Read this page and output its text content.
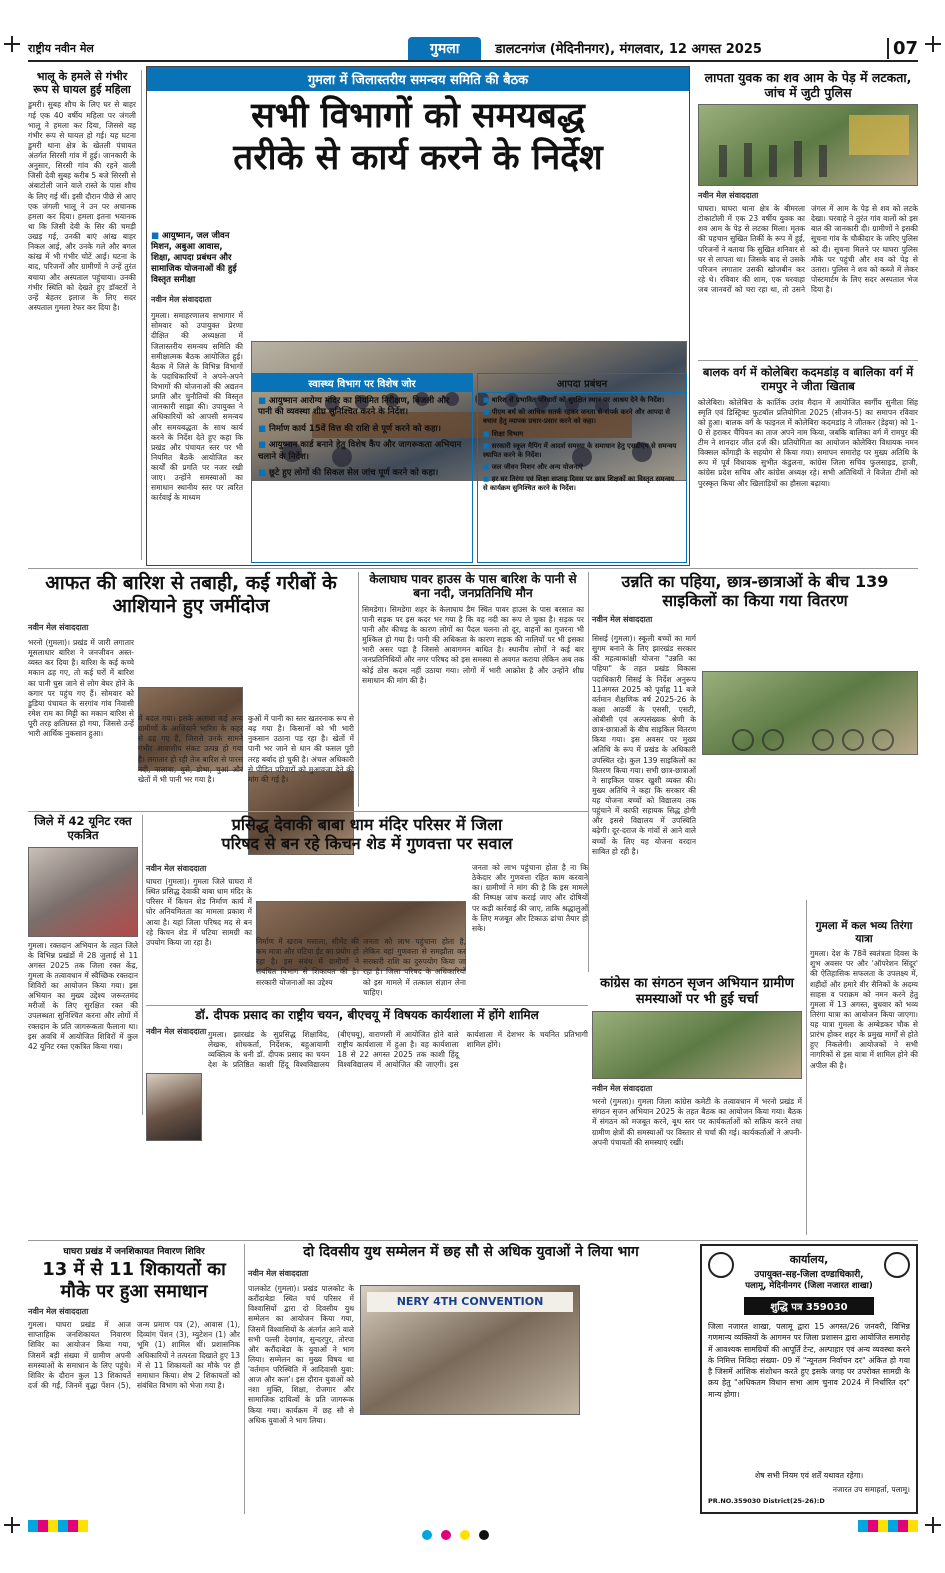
राष्ट्रीय नवीन मेल	गुमला	डालटनगंज (मेदिनीनगर), मंगलवार, 12 अगस्त 2025	07
भालू के हमले से गंभीर रूप से घायल हुई महिला
डुमरी। सुबह शौच के लिए घर से बाहर गई एक 40 वर्षीय महिला पर जंगली भालू ने हमला कर दिया, जिससे वह गंभीर रूप से घायल हो गई। यह घटना डुमरी थाना क्षेत्र के खेतली पंचायत अंतर्गत सिरसी गांव में हुई। जानकारी के अनुसार, सिरसी गांव की रहने वाली जिसी देवी सुबह करीब 5 बजे सिरसी से अंबाटोली जाने वाले रास्ते के पास शौच के लिए गई थीं। इसी दौरान पीछे से आए एक जंगली भालू ने उन पर अचानक हमला कर दिया। हमला इतना भयानक था कि जिसी देवी के सिर की चमड़ी उखड़ गई, उनकी बाएं आंख बाहर निकल आई, और उनके गले और बगल कांख में भी गंभीर चोटें आईं। घटना के बाद, परिजनों और ग्रामीणों ने उन्हें तुरंत बचाया और अस्पताल पहुंचाया। उनकी गंभीर स्थिति को देखते हुए डॉक्टरों ने उन्हें बेहतर इलाज के लिए सदर अस्पताल गुमला रेफर कर दिया है।
गुमला में जिलास्तरीय समन्वय समिति की बैठक
सभी विभागों को समयबद्ध
तरीके से कार्य करने के निर्देश
■ आयुष्मान, जल जीवन मिशन, अबुआ आवास, शिक्षा, आपदा प्रबंधन और सामाजिक योजनाओं की हुई विस्तृत समीक्षा
नवीन मेल संवाददाता
गुमला। समाहरणालय सभागार में सोमवार को उपायुक्त प्रेरणा दीक्षित की अध्यक्षता में जिलास्तरीय समन्वय समिति की समीक्षात्मक बैठक आयोजित हुई। बैठक में जिले के विभिन्न विभागों के पदाधिकारियों ने अपने-अपने विभागों की योजनाओं की अद्यतन प्रगति और चुनौतियों की विस्तृत जानकारी साझा की। उपायुक्त ने अधिकारियों को आपसी समन्वय और समयबद्धता के साथ कार्य करने के निर्देश देते हुए कहा कि प्रखंड और पंचायत स्तर पर भी नियमित बैठकें आयोजित कर कार्यों की प्रगति पर नजर रखी जाए। उन्होंने समस्याओं का समाधान स्थानीय स्तर पर त्वरित कार्रवाई के माध्यम
स्वास्थ्य विभाग पर विशेष जोर
■ आयुष्मान आरोग्य मंदिर का नियमित निरीक्षण, बिजली और पानी की व्यवस्था शीघ्र सुनिश्चित करने के निर्देश।
■ निर्माण कार्य 15वें वित्त की राशि से पूर्ण करने को कहा।
■ आयुष्मान कार्ड बनाने हेतु विशेष कैंप और जागरूकता अभियान चलाने के निर्देश।
■ छूटे हुए लोगों की सिकल सेल जांच पूर्ण करने को कहा।
आपदा प्रबंधन
■ बारिश से प्रभावित परिवारों को सुरक्षित स्थान पर आश्रय देने के निर्देश।
■ पीएम बर्थ को आधिक सतर्क रहकर जनता से संपर्क करने और आपदा से बचाव हेतु व्यापक प्रचार-प्रसार करने को कहा।
■ शिक्षा विभाग
■ सरकारी स्कूल मैपिंग में आदर्श समस्या के समाधान हेतु एसडीएम से समन्वय स्थापित करने के निर्देश।
■ जल जीवन मिशन और अन्य योजनाएं
■ हर घर तिरंगा एवं शिक्षा सप्ताह दिवस पर छात्र शिक्षकों का विस्तृत समन्वय से कार्यक्रम सुनिश्चित करने के निर्देश।
लापता युवक का शव आम के पेड़ में लटकता, जांच में जुटी पुलिस
नवीन मेल संवाददाता
घाघरा। घाघरा थाना क्षेत्र के बीमरला टोकाटोली में एक 23 वर्षीय युवक का शव आम के पेड़ से लटका मिला। मृतक की पहचान सुखित तिर्की के रूप में हुई, परिजनों ने बताया कि सुखित शनिवार से घर से लापता था। जिसके बाद से उसके परिजन लगातार उसकी खोजबीन कर रहे थे। रविवार की शाम, एक चरवाहा जब जानवरों को चरा रहा था, तो उसने जंगल में आम के पेड़ से शव को लटके देखा। चरवाहे ने तुरंत गांव वालों को इस बात की जानकारी दी। ग्रामीणों ने इसकी सूचना गांव के चौकीदार के जरिए पुलिस को दी। सूचना मिलने पर घाघरा पुलिस मौके पर पहुंची और शव को पेड़ से उतारा। पुलिस ने शव को कब्जे में लेकर पोस्टमार्टम के लिए सदर अस्पताल भेज दिया है।
बालक वर्ग में कोलेबिरा कदमडांड़ व बालिका वर्ग में रामपुर ने जीता खिताब
कोलेबिरा। कोलेबिरा के कार्तिक उरांव मैदान में आयोजित स्वर्गीय सुनीता सिंह स्मृति एवं डिस्ट्रिक्ट फुटबॉल प्रतियोगिता 2025 (सीजन-5) का समापन रविवार को हुआ। बालक वर्ग के फाइनल में कोलेबिरा कदमडांड़ ने जीतकर (डेइया) को 1-0 से हराकर चैंपियन का ताज अपने नाम किया, जबकि बालिका वर्ग में रामपुर की टीम ने शानदार जीत दर्ज की। प्रतियोगिता का आयोजन कोलेबिरा विधायक नमन विक्सल कोंगाड़ी के सहयोग से किया गया। समापन समारोह पर मुख्य अतिथि के रूप में पूर्व विधायक सुभीत कंडुलना, कांग्रेस जिला सचिव फुलसाइड, हाजी, कांग्रेस प्रदेश सचिव और कांग्रेस अध्यक्ष रहे। सभी अतिथियों ने विजेता टीमों को पुरस्कृत किया और खिलाड़ियों का हौसला बढ़ाया।
आफत की बारिश से तबाही, कई गरीबों के आशियाने हुए जमींदोज
नवीन मेल संवाददाता
भरनो (गुमला)। प्रखंड में जारी लगातार मूसलाधार बारिश ने जनजीवन अस्त-व्यस्त कर दिया है। बारिश के कई कच्चे मकान ढह गए, तो कई घरों में बारिश का पानी घुस जाने से लोग बेघर होने के कगार पर पहुंच गए हैं। सोमवार को डुडिया पंचायत के सरगांव गांव निवासी रमेश राम का मिट्टी का मकान बारिश से पूरी तरह क्षतिग्रस्त हो गया, जिससे उन्हें भारी आर्थिक नुकसान हुआ।
में बदल गया। इसके अलावा कई अन्य ग्रामीणों के आशियाने भारिश के कहर से ढह गए हैं, जिससे उनके सामने गंभीर आवासीय संकट उत्पन्न हो गया है। लगातार हो रही तेज बारिश से पारस नदी, नालाबा, धुसे, डोभा, चुआं और खेतों में भी पानी भर गया है।
कुओं में पानी का स्तर खतरनाक रूप से बढ़ गया है। किसानों को भी भारी नुकसान उठाना पड़ रहा है। खेतों में पानी भर जाने से धान की फसल पूरी तरह बर्बाद हो चुकी है। अंचल अधिकारी से पीड़ित परिवारों को मुआवजा देने की मांग की गई है।
केलाघाघ पावर हाउस के पास बारिश के पानी से बना नदी, जनप्रतिनिधि मौन
सिमडेगा। सिमडेगा शहर के केलाघाघ डैम स्थित पावर हाउस के पास बरसात का पानी सड़क पर इस कदर भर गया है कि वह नदी का रूप ले चुका है। सड़क पर पानी और कीचड़ के कारण लोगों का पैदल चलना तो दूर, वाहनों का गुजरना भी मुश्किल हो गया है। पानी की अधिकता के कारण सड़क की नालियों पर भी इसका भारी असर पड़ा है जिससे आवागमन बाधित है। स्थानीय लोगों ने कई बार जनप्रतिनिधियों और नगर परिषद को इस समस्या से अवगत कराया लेकिन अब तक कोई ठोस कदम नहीं उठाया गया। लोगों में भारी आक्रोश है और उन्होंने शीघ्र समाधान की मांग की है।
उन्नति का पहिया, छात्र-छात्राओं के बीच 139 साइकिलों का किया गया वितरण
नवीन मेल संवाददाता
सिसई (गुमला)। स्कूली बच्चों का मार्ग सुगम बनाने के लिए झारखंड सरकार की महत्वाकांक्षी योजना "उन्नति का पहिया" के तहत प्रखंड विकास पदाधिकारी सिसई के निर्देश अनुरूप 11अगस्त 2025 को पूर्वाह्न 11 बजे वर्तमान शैक्षणिक वर्ष 2025-26 के कक्षा आठवीं के एससी, एसटी, ओबीसी एवं अल्पसंख्यक श्रेणी के छात्र-छात्राओं के बीच साइकिल वितरण किया गया। इस अवसर पर मुख्य अतिथि के रूप में प्रखंड के अधिकारी उपस्थित रहे। कुल 139 साइकिलों का वितरण किया गया। सभी छात्र-छात्राओं ने साइकिल पाकर खुशी व्यक्त की। मुख्य अतिथि ने कहा कि सरकार की यह योजना बच्चों को विद्यालय तक पहुंचाने में काफी सहायक सिद्ध होगी और इससे विद्यालय में उपस्थिति बढ़ेगी। दूर-दराज के गांवों से आने वाले बच्चों के लिए यह योजना वरदान साबित हो रही है।
जिले में 42 यूनिट रक्त एकत्रित
गुमला। रक्तदान अभियान के तहत जिले के विभिन्न प्रखंडों में 28 जुलाई से 11 अगस्त 2025 तक जिला रक्त केंद्र, गुमला के तत्वावधान में स्वैच्छिक रक्तदान शिविरों का आयोजन किया गया। इस अभियान का मुख्य उद्देश्य जरूरतमंद मरीजों के लिए सुरक्षित रक्त की उपलब्धता सुनिश्चित करना और लोगों में रक्तदान के प्रति जागरूकता फैलाना था। इस अवधि में आयोजित शिविरों में कुल 42 यूनिट रक्त एकत्रित किया गया।
प्रसिद्ध देवाकी बाबा धाम मंदिर परिसर में जिला
परिषद से बन रहे किचन शेड में गुणवत्ता पर सवाल
नवीन मेल संवाददाता
घाघरा (गुमला)। गुमला जिले घाघरा में स्थित प्रसिद्ध देवाकी बाबा धाम मंदिर के परिसर में किचन शेड निर्माण कार्य में घोर अनियमितता का मामला प्रकाश में आया है। यहां जिला परिषद मद से बन रहे किचन शेड में घटिया सामग्री का उपयोग किया जा रहा है।	निर्माण में खराब मसाला, सीमेंट की कम मात्रा और घटिया ईंट का प्रयोग हो रहा है। इस संबंध में ग्रामीणों ने संबंधित विभाग से शिकायत की है। सरकारी योजनाओं का उद्देश्य
जनता को लाभ पहुंचाना होता है, लेकिन यहां गुणवत्ता से समझौता कर सरकारी राशि का दुरुपयोग किया जा रहा है। जिला परिषद के अधिकारियों को इस मामले में तत्काल संज्ञान लेना चाहिए।
जनता को लाभ पहुंचाना होता है ना कि ठेकेदार और गुणवत्ता रहित काम करवाने का। ग्रामीणों ने मांग की है कि इस मामले की निष्पक्ष जांच कराई जाए और दोषियों पर कड़ी कार्रवाई की जाए, ताकि श्रद्धालुओं के लिए मजबूत और टिकाऊ ढांचा तैयार हो सके।
कांग्रेस का संगठन सृजन अभियान ग्रामीण समस्याओं पर भी हुई चर्चा
नवीन मेल संवाददाता
भरनो (गुमला)। गुमला जिला कांग्रेस कमेटी के तत्वावधान में भरनो प्रखंड में संगठन सृजन अभियान 2025 के तहत बैठक का आयोजन किया गया। बैठक में संगठन को मजबूत करने, बूथ स्तर पर कार्यकर्ताओं को सक्रिय करने तथा ग्रामीण क्षेत्रों की समस्याओं पर विस्तार से चर्चा की गई। कार्यकर्ताओं ने अपनी-अपनी पंचायतों की समस्याएं रखीं।
गुमला में कल भव्य तिरंगा यात्रा
गुमला। देश के 78वें स्वतंत्रता दिवस के शुभ अवसर पर और 'ऑपरेशन सिंदूर' की ऐतिहासिक सफलता के उपलक्ष्य में, शहीदों और हमारे वीर सैनिकों के अदम्य साहस व पराक्रम को नमन करने हेतु गुमला में 13 अगस्त, बुधवार को भव्य तिरंगा यात्रा का आयोजन किया जाएगा। यह यात्रा गुमला के अम्बेडकर चौक से प्रारंभ होकर शहर के प्रमुख मार्गों से होते हुए निकलेगी। आयोजकों ने सभी नागरिकों से इस यात्रा में शामिल होने की अपील की है।
डॉ. दीपक प्रसाद का राष्ट्रीय चयन, बीएचयू में विषयक कार्यशाला में होंगे शामिल
नवीन मेल संवाददाता गुमला। झारखंड के सुप्रसिद्ध शिक्षाविद, लेखक, शोधकर्ता, निर्देशक, बहुआयामी व्यक्तित्व के धनी डॉ. दीपक प्रसाद का चयन देश के प्रतिष्ठित काशी हिंदू विश्वविद्यालय (बीएचयू), वाराणसी में आयोजित होने वाले राष्ट्रीय कार्यशाला में हुआ है। वह कार्यशाला 18 से 22 अगस्त 2025 तक काशी हिंदू विश्वविद्यालय में आयोजित की जाएगी। इस कार्यशाला में देशभर के चयनित प्रतिभागी शामिल होंगे।
घाघरा प्रखंड में जनशिकायत निवारण शिविर
13 में से 11 शिकायतों का मौके पर हुआ समाधान
नवीन मेल संवाददाता
गुमला। घाघरा प्रखंड में आज साप्ताहिक जनशिकायत निवारण शिविर का आयोजन किया गया, जिसमें बड़ी संख्या में ग्रामीण अपनी समस्याओं के समाधान के लिए पहुंचे। शिविर के दौरान कुल 13 शिकायतें दर्ज की गईं, जिनमें वृद्धा पेंशन (5), जन्म प्रमाण पत्र (2), आवास (1), दिव्यांग पेंशन (3), म्युटेशन (1) और भूमि (1) शामिल थीं। प्रशासनिक अधिकारियों ने तत्परता दिखाते हुए 13 में से 11 शिकायतों का मौके पर ही समाधान किया। शेष 2 शिकायतों को संबंधित विभाग को भेजा गया है।
दो दिवसीय युथ सम्मेलन में छह सौ से अधिक युवाओं ने लिया भाग
नवीन मेल संवाददाता
पालकोट (गुमला)। प्रखंड पालकोट के करौंदाबेडा स्थित चर्च परिसर में विश्वासियों द्वारा दो दिवसीय युथ सम्मेलन का आयोजन किया गया, जिसमें विश्वासियों के अंतर्गत आने वाले सभी पल्ली देवगांव, सुन्दरपुर, तोरपा और करौंदाबेडा के युवाओं ने भाग लिया। सम्मेलन का मुख्य विषय था 'वर्तमान परिस्थिति में आदिवासी युवा: आज और कल'। इस दौरान युवाओं को नशा मुक्ति, शिक्षा, रोजगार और सामाजिक दायित्वों के प्रति जागरूक किया गया। कार्यक्रम में छह सौ से अधिक युवाओं ने भाग लिया।
NERY 4TH CONVENTION
कार्यालय,
उपायुक्त-सह-जिला दण्डाधिकारी,
पलामू, मेदिनीनगर (जिला नजारत शाखा)
शुद्धि पत्र 359030
जिला नजारत शाखा, पलामू द्वारा 15 अगस्त/26 जनवरी, विभिन्न गणमान्य व्यक्तियों के आगमन पर जिला प्रशासन द्वारा आयोजित समारोह में आवश्यक सामग्रियों की आपूर्ति टेन्ट, अल्पाहार एवं अन्य व्यवस्था करने के निमित्त निविदा संख्या- 09 में "न्यूनतम निर्वाचन दर" अंकित हो गया है जिसमें आंशिक संशोधन करते हुए इसके जगह पर उपरोक्त सामग्री के क्रय हेतु "अधिकतम विधान सभा आम चुनाव 2024 में निर्धारित दर" मान्य होगा।
शेष सभी नियम एवं शर्तें यथावत रहेगा।
नजारत उप समाहर्ता, पलामू।
PR.NO.359030 District(25-26):D
